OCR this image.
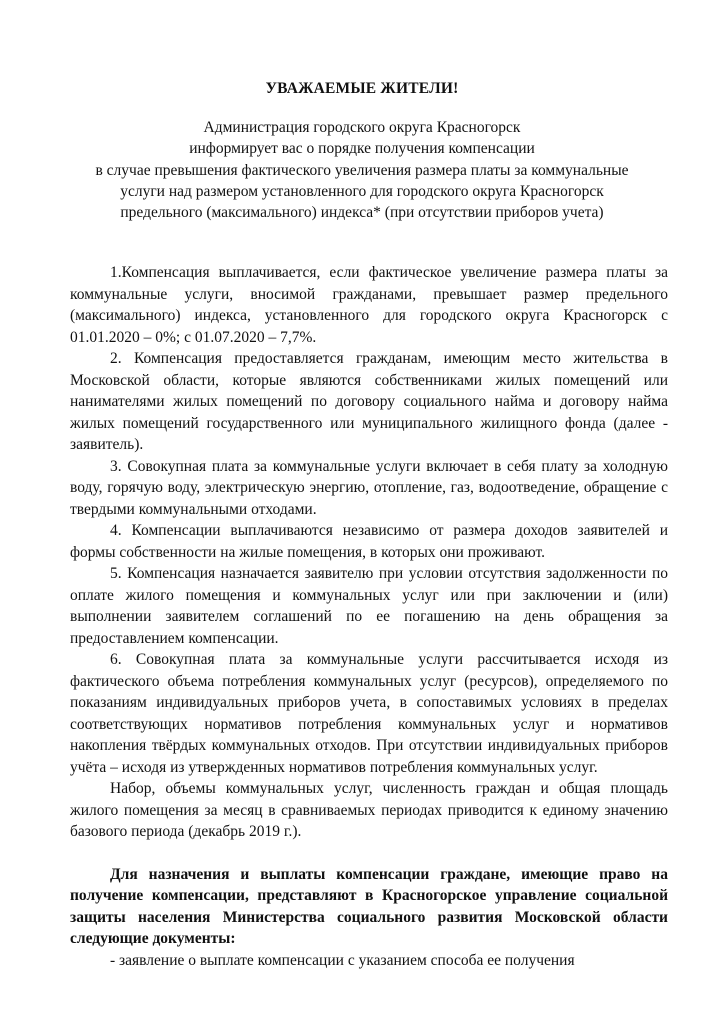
УВАЖАЕМЫЕ ЖИТЕЛИ!
Администрация городского округа Красногорск
информирует вас о порядке получения компенсации
в случае превышения фактического увеличения размера платы за коммунальные
услуги над размером установленного для городского округа Красногорск
предельного (максимального) индекса* (при отсутствии приборов учета)

1.Компенсация выплачивается, если фактическое увеличение размера платы за коммунальные услуги, вносимой гражданами, превышает размер предельного (максимального) индекса, установленного для городского округа Красногорск с 01.01.2020 – 0%; с 01.07.2020 – 7,7%.

2. Компенсация предоставляется гражданам, имеющим место жительства в Московской области, которые являются собственниками жилых помещений или нанимателями жилых помещений по договору социального найма и договору найма жилых помещений государственного или муниципального жилищного фонда (далее - заявитель).

3. Совокупная плата за коммунальные услуги включает в себя плату за холодную воду, горячую воду, электрическую энергию, отопление, газ, водоотведение, обращение с твердыми коммунальными отходами.

4. Компенсации выплачиваются независимо от размера доходов заявителей и формы собственности на жилые помещения, в которых они проживают.

5. Компенсация назначается заявителю при условии отсутствия задолженности по оплате жилого помещения и коммунальных услуг или при заключении и (или) выполнении заявителем соглашений по ее погашению на день обращения за предоставлением компенсации.

6. Совокупная плата за коммунальные услуги рассчитывается исходя из фактического объема потребления коммунальных услуг (ресурсов), определяемого по показаниям индивидуальных приборов учета, в сопоставимых условиях в пределах соответствующих нормативов потребления коммунальных услуг и нормативов накопления твёрдых коммунальных отходов. При отсутствии индивидуальных приборов учёта – исходя из утвержденных нормативов потребления коммунальных услуг.

Набор, объемы коммунальных услуг, численность граждан и общая площадь жилого помещения за месяц в сравниваемых периодах приводится к единому значению базового периода (декабрь 2019 г.).

Для назначения и выплаты компенсации граждане, имеющие право на получение компенсации, представляют в Красногорское управление социальной защиты населения Министерства социального развития Московской области следующие документы:

- заявление о выплате компенсации с указанием способа ее получения
